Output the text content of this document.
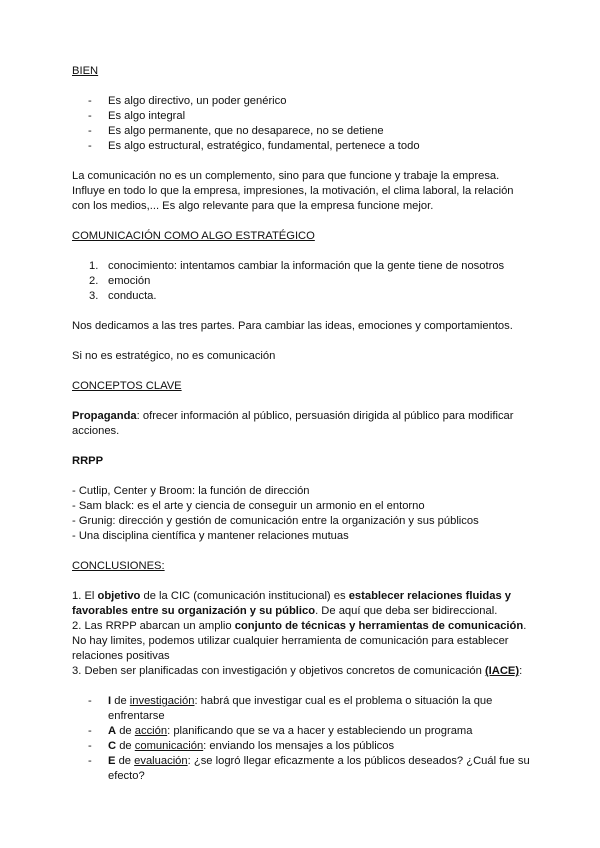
BIEN

- Es algo directivo, un poder genérico
- Es algo integral
- Es algo permanente, que no desaparece, no se detiene
- Es algo estructural, estratégico, fundamental, pertenece a todo

La comunicación no es un complemento, sino para que funcione y trabaje la empresa. Influye en todo lo que la empresa, impresiones, la motivación, el clima laboral, la relación con los medios,... Es algo relevante para que la empresa funcione mejor.

COMUNICACIÓN COMO ALGO ESTRATÉGICO

1. conocimiento: intentamos cambiar la información que la gente tiene de nosotros
2. emoción
3. conducta.

Nos dedicamos a las tres partes. Para cambiar las ideas, emociones y comportamientos.

Si no es estratégico, no es comunicación

CONCEPTOS CLAVE

Propaganda: ofrecer información al público, persuasión dirigida al público para modificar acciones.

RRPP

- Cutlip, Center y Broom: la función de dirección

- Sam black: es el arte y ciencia de conseguir un armonio en el entorno

- Grunig: dirección y gestión de comunicación entre la organización y sus públicos

- Una disciplina científica y mantener relaciones mutuas

CONCLUSIONES:

1. El objetivo de la CIC (comunicación institucional) es establecer relaciones fluidas y favorables entre su organización y su público. De aquí que deba ser bidireccional.

2. Las RRPP abarcan un amplio conjunto de técnicas y herramientas de comunicación. No hay limites, podemos utilizar cualquier herramienta de comunicación para establecer relaciones positivas

3. Deben ser planificadas con investigación y objetivos concretos de comunicación (IACE):

- I de investigación: habrá que investigar cual es el problema o situación la que enfrentarse
- A de acción: planificando que se va a hacer y estableciendo un programa
- C de comunicación: enviando los mensajes a los públicos
- E de evaluación: ¿se logró llegar eficazmente a los públicos deseados? ¿Cuál fue su efecto?
